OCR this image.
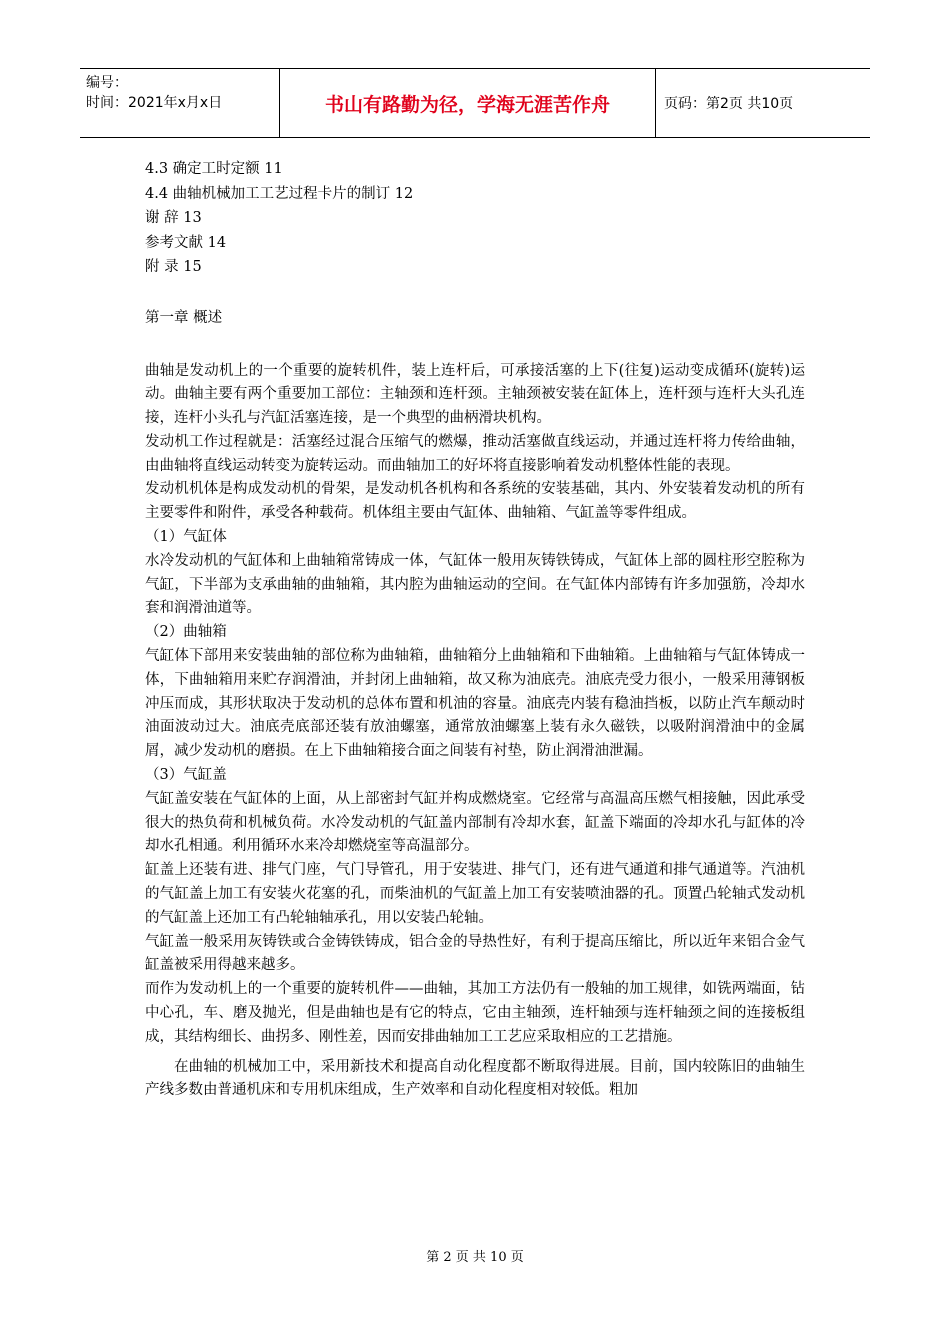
编号：
时间：2021年x月x日	书山有路勤为径，学海无涯苦作舟	页码：第2页 共10页
4.3 确定工时定额 11
4.4 曲轴机械加工工艺过程卡片的制订 12
谢 辞 13
参考文献 14
附 录 15
第一章 概述

曲轴是发动机上的一个重要的旋转机件，装上连杆后，可承接活塞的上下(往复)运动变成循环(旋转)运动。曲轴主要有两个重要加工部位：主轴颈和连杆颈。主轴颈被安装在缸体上，连杆颈与连杆大头孔连接，连杆小头孔与汽缸活塞连接，是一个典型的曲柄滑块机构。

发动机工作过程就是：活塞经过混合压缩气的燃爆，推动活塞做直线运动，并通过连杆将力传给曲轴，由曲轴将直线运动转变为旋转运动。而曲轴加工的好坏将直接影响着发动机整体性能的表现。

发动机机体是构成发动机的骨架，是发动机各机构和各系统的安装基础，其内、外安装着发动机的所有主要零件和附件，承受各种载荷。机体组主要由气缸体、曲轴箱、气缸盖等零件组成。

（1）气缸体

水冷发动机的气缸体和上曲轴箱常铸成一体，气缸体一般用灰铸铁铸成，气缸体上部的圆柱形空腔称为气缸，下半部为支承曲轴的曲轴箱，其内腔为曲轴运动的空间。在气缸体内部铸有许多加强筋，冷却水套和润滑油道等。

（2）曲轴箱

气缸体下部用来安装曲轴的部位称为曲轴箱，曲轴箱分上曲轴箱和下曲轴箱。上曲轴箱与气缸体铸成一体，下曲轴箱用来贮存润滑油，并封闭上曲轴箱，故又称为油底壳。油底壳受力很小，一般采用薄钢板冲压而成，其形状取决于发动机的总体布置和机油的容量。油底壳内装有稳油挡板，以防止汽车颠动时油面波动过大。油底壳底部还装有放油螺塞，通常放油螺塞上装有永久磁铁，以吸附润滑油中的金属屑，减少发动机的磨损。在上下曲轴箱接合面之间装有衬垫，防止润滑油泄漏。

（3）气缸盖

气缸盖安装在气缸体的上面，从上部密封气缸并构成燃烧室。它经常与高温高压燃气相接触，因此承受很大的热负荷和机械负荷。水冷发动机的气缸盖内部制有冷却水套，缸盖下端面的冷却水孔与缸体的冷却水孔相通。利用循环水来冷却燃烧室等高温部分。

缸盖上还装有进、排气门座，气门导管孔，用于安装进、排气门，还有进气通道和排气通道等。汽油机的气缸盖上加工有安装火花塞的孔，而柴油机的气缸盖上加工有安装喷油器的孔。顶置凸轮轴式发动机的气缸盖上还加工有凸轮轴轴承孔，用以安装凸轮轴。

气缸盖一般采用灰铸铁或合金铸铁铸成，铝合金的导热性好，有利于提高压缩比，所以近年来铝合金气缸盖被采用得越来越多。

而作为发动机上的一个重要的旋转机件——曲轴，其加工方法仍有一般轴的加工规律，如铣两端面，钻中心孔，车、磨及抛光，但是曲轴也是有它的特点，它由主轴颈，连杆轴颈与连杆轴颈之间的连接板组成，其结构细长、曲拐多、刚性差，因而安排曲轴加工工艺应采取相应的工艺措施。

在曲轴的机械加工中，采用新技术和提高自动化程度都不断取得进展。目前，国内较陈旧的曲轴生产线多数由普通机床和专用机床组成，生产效率和自动化程度相对较低。粗加

第 2 页 共 10 页
